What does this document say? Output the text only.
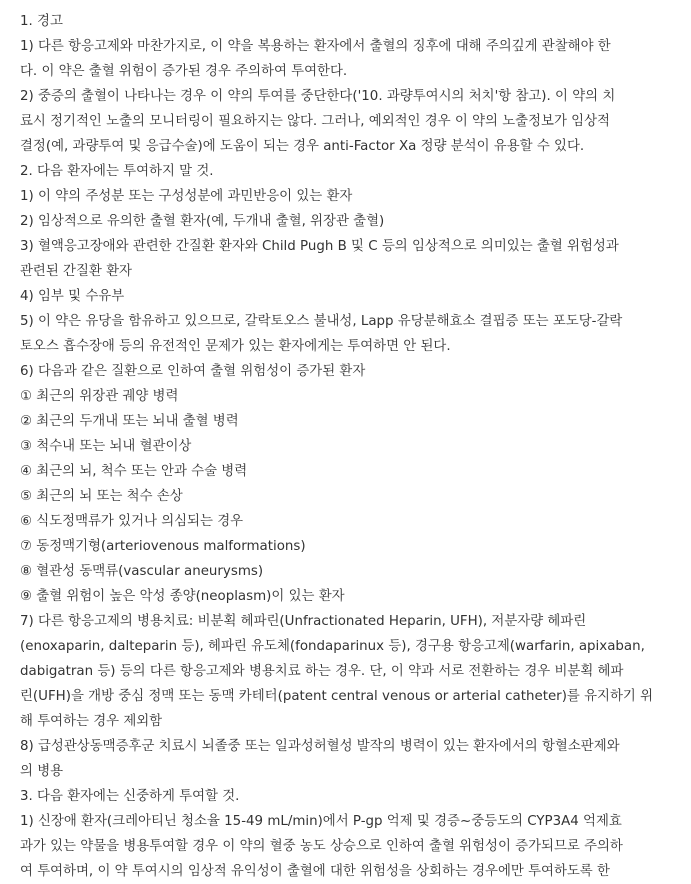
1. 경고
1) 다른 항응고제와 마찬가지로, 이 약을 복용하는 환자에서 출혈의 징후에 대해 주의깊게 관찰해야 한
다. 이 약은 출혈 위험이 증가된 경우 주의하여 투여한다.
2) 중증의 출혈이 나타나는 경우 이 약의 투여를 중단한다('10. 과량투여시의 처치'항 참고). 이 약의 치
료시 정기적인 노출의 모니터링이 필요하지는 않다. 그러나, 예외적인 경우 이 약의 노출정보가 임상적
결정(예, 과량투여 및 응급수술)에 도움이 되는 경우 anti-Factor Xa 정량 분석이 유용할 수 있다.
2. 다음 환자에는 투여하지 말 것.
1) 이 약의 주성분 또는 구성성분에 과민반응이 있는 환자
2) 임상적으로 유의한 출혈 환자(예, 두개내 출혈, 위장관 출혈)
3) 혈액응고장애와 관련한 간질환 환자와 Child Pugh B 및 C 등의 임상적으로 의미있는 출혈 위험성과
관련된 간질환 환자
4) 임부 및 수유부
5) 이 약은 유당을 함유하고 있으므로, 갈락토오스 불내성, Lapp 유당분해효소 결핍증 또는 포도당-갈락
토오스 흡수장애 등의 유전적인 문제가 있는 환자에게는 투여하면 안 된다.
6) 다음과 같은 질환으로 인하여 출혈 위험성이 증가된 환자
① 최근의 위장관 궤양 병력
② 최근의 두개내 또는 뇌내 출혈 병력
③ 척수내 또는 뇌내 혈관이상
④ 최근의 뇌, 척수 또는 안과 수술 병력
⑤ 최근의 뇌 또는 척수 손상
⑥ 식도정맥류가 있거나 의심되는 경우
⑦ 동정맥기형(arteriovenous malformations)
⑧ 혈관성 동맥류(vascular aneurysms)
⑨ 출혈 위험이 높은 악성 종양(neoplasm)이 있는 환자
7) 다른 항응고제의 병용치료: 비분획 헤파린(Unfractionated Heparin, UFH), 저분자량 헤파린
(enoxaparin, dalteparin 등), 헤파린 유도체(fondaparinux 등), 경구용 항응고제(warfarin, apixaban,
dabigatran 등) 등의 다른 항응고제와 병용치료 하는 경우. 단, 이 약과 서로 전환하는 경우 비분획 헤파
린(UFH)을 개방 중심 정맥 또는 동맥 카테터(patent central venous or arterial catheter)를 유지하기 위
해 투여하는 경우 제외함
8) 급성관상동맥증후군 치료시 뇌졸중 또는 일과성허혈성 발작의 병력이 있는 환자에서의 항혈소판제와
의 병용
3. 다음 환자에는 신중하게 투여할 것.
1) 신장애 환자(크레아티닌 청소율 15-49 mL/min)에서 P-gp 억제 및 경증~중등도의 CYP3A4 억제효
과가 있는 약물을 병용투여할 경우 이 약의 혈중 농도 상승으로 인하여 출혈 위험성이 증가되므로 주의하
여 투여하며, 이 약 투여시의 임상적 유익성이 출혈에 대한 위험성을 상회하는 경우에만 투여하도록 한
